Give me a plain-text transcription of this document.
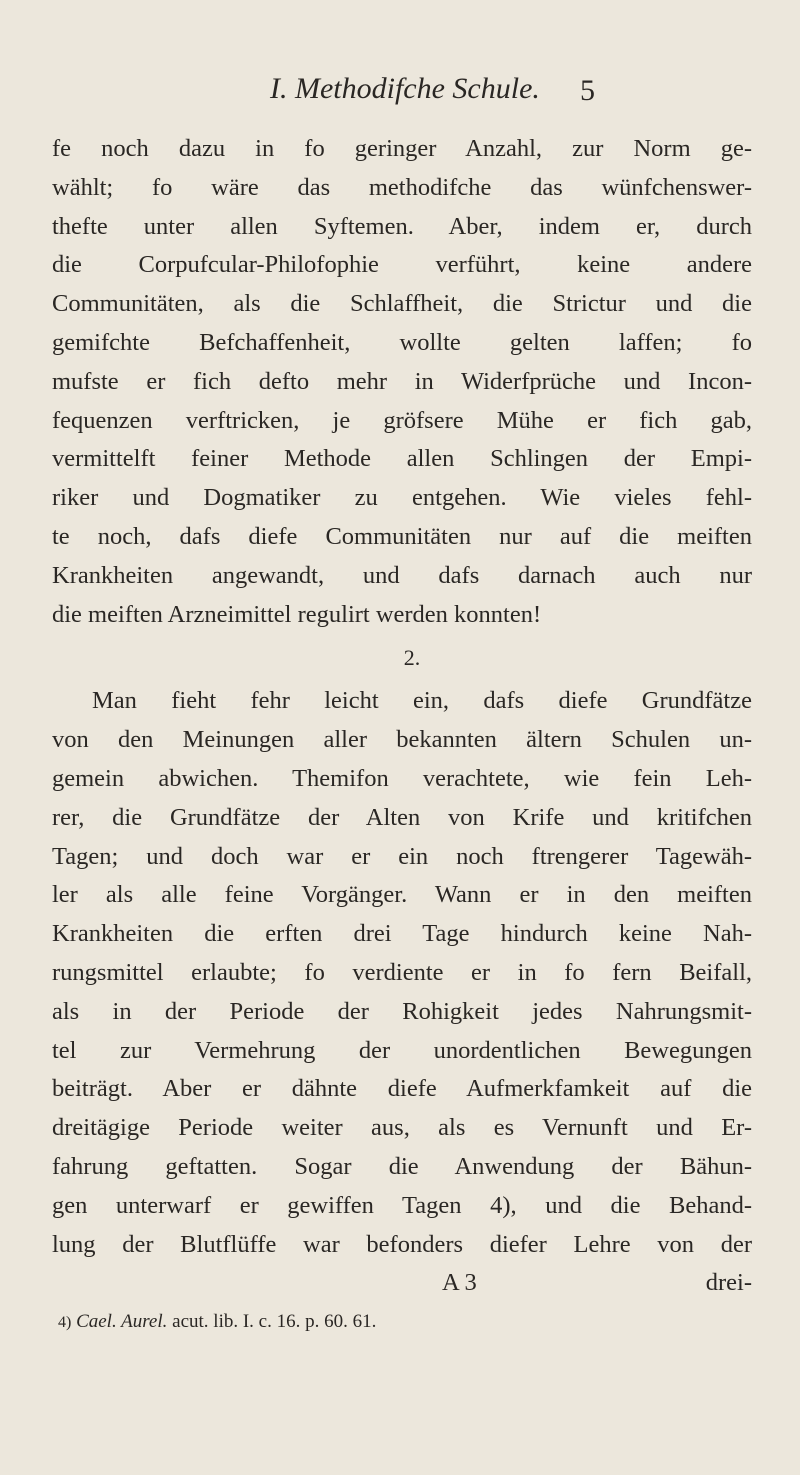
I. Methodifche Schule. 5
fe noch dazu in fo geringer Anzahl, zur Norm ge-
wählt; fo wäre das methodifche das wünfchenswer-
thefte unter allen Syftemen. Aber, indem er, durch
die Corpufcular-Philofophie verführt, keine andere
Communitäten, als die Schlaffheit, die Strictur und die
gemifchte Befchaffenheit, wollte gelten laffen; fo
mufste er fich defto mehr in Widerfprüche und Incon-
fequenzen verftricken, je gröfsere Mühe er fich gab,
vermittelft feiner Methode allen Schlingen der Empi-
riker und Dogmatiker zu entgehen. Wie vieles fehl-
te noch, dafs diefe Communitäten nur auf die meiften
Krankheiten angewandt, und dafs darnach auch nur
die meiften Arzneimittel regulirt werden konnten!
2.
Man fieht fehr leicht ein, dafs diefe Grundfätze
von den Meinungen aller bekannten ältern Schulen un-
gemein abwichen. Themifon verachtete, wie fein Leh-
rer, die Grundfätze der Alten von Krife und kritifchen
Tagen; und doch war er ein noch ftrengerer Tagewäh-
ler als alle feine Vorgänger. Wann er in den meiften
Krankheiten die erften drei Tage hindurch keine Nah-
rungsmittel erlaubte; fo verdiente er in fo fern Beifall,
als in der Periode der Rohigkeit jedes Nahrungsmit-
tel zur Vermehrung der unordentlichen Bewegungen
beiträgt. Aber er dähnte diefe Aufmerkfamkeit auf die
dreitägige Periode weiter aus, als es Vernunft und Er-
fahrung geftatten. Sogar die Anwendung der Bähun-
gen unterwarf er gewiffen Tagen 4), und die Behand-
lung der Blutflüffe war befonders diefer Lehre von der
A 3	drei-
4) Cael. Aurel. acut. lib. I. c. 16. p. 60. 61.
